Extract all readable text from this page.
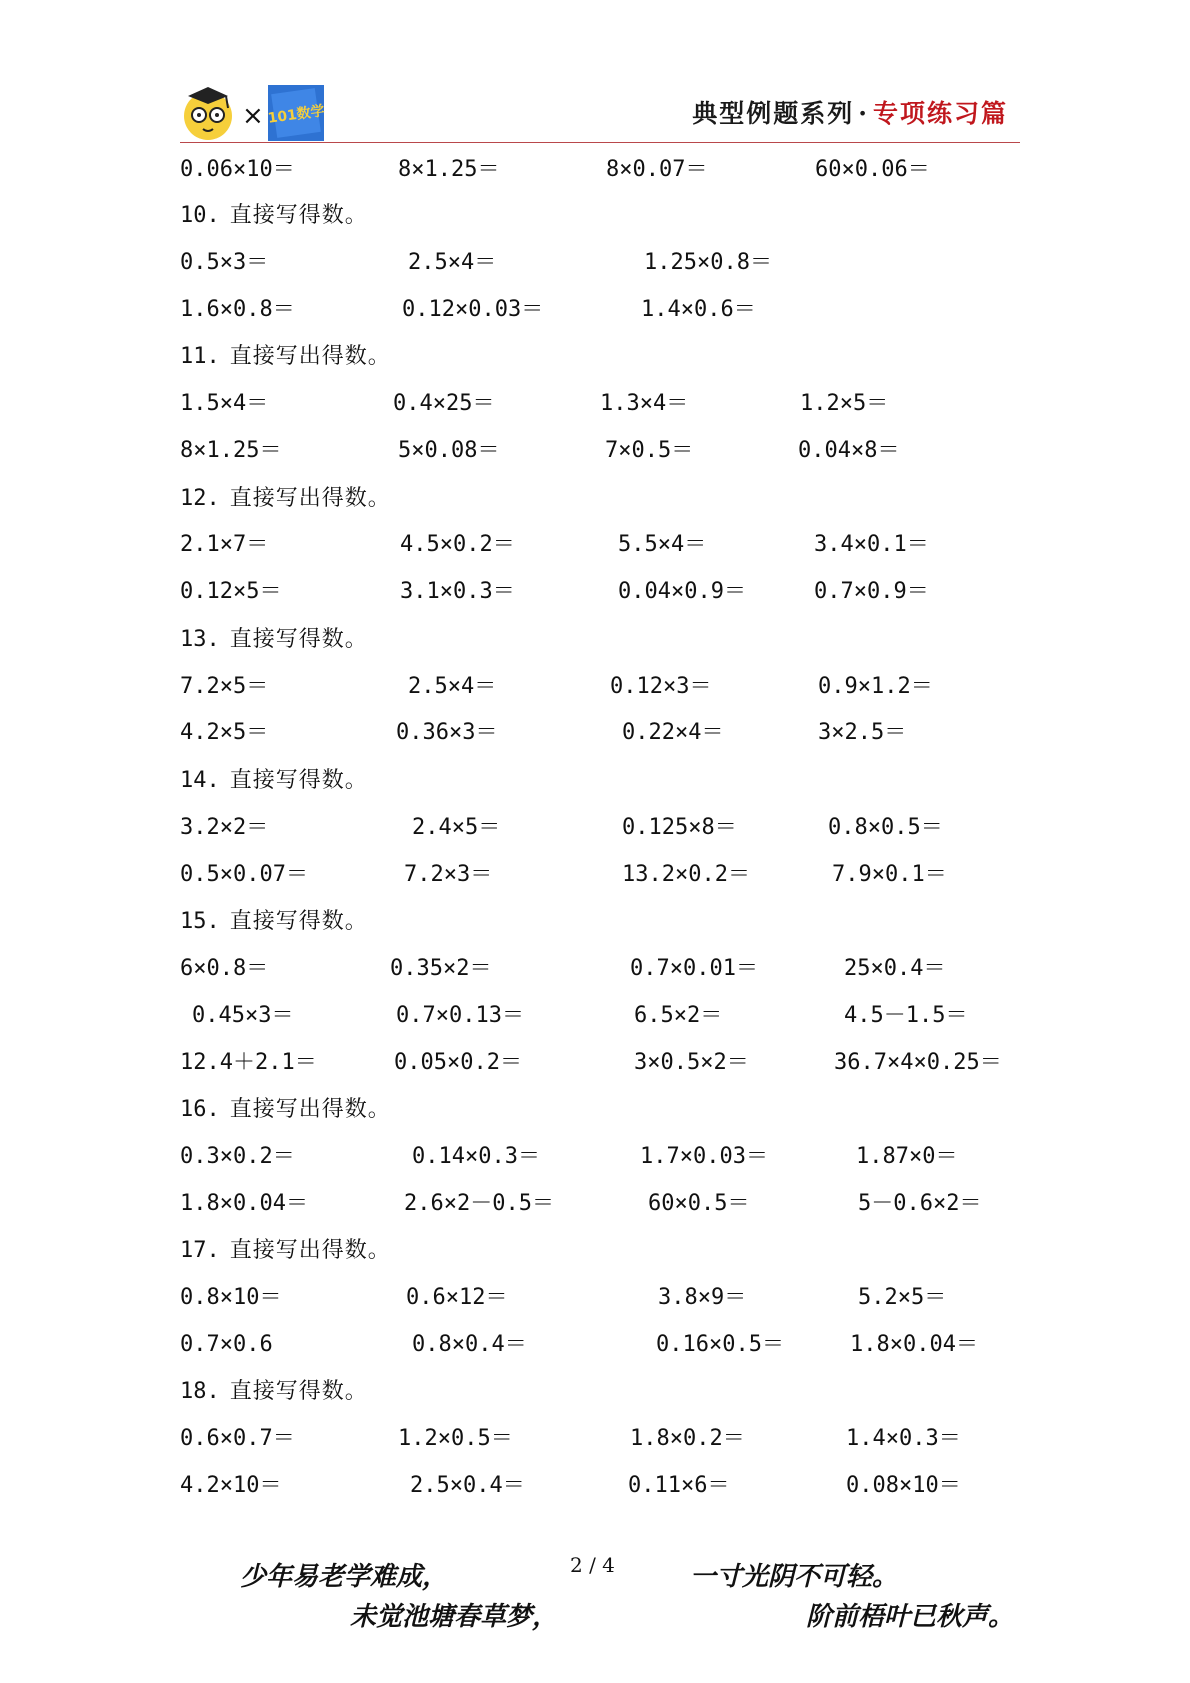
× 101数学	典型例题系列 · 专项练习篇
0.06×10＝	8×1.25＝	8×0.07＝	60×0.06＝
10. 直接写得数。
0.5×3＝	2.5×4＝	1.25×0.8＝
1.6×0.8＝	0.12×0.03＝	1.4×0.6＝
11. 直接写出得数。
1.5×4＝	0.4×25＝	1.3×4＝	1.2×5＝
8×1.25＝	5×0.08＝	7×0.5＝	0.04×8＝
12. 直接写出得数。
2.1×7＝	4.5×0.2＝	5.5×4＝	3.4×0.1＝
0.12×5＝	3.1×0.3＝	0.04×0.9＝	0.7×0.9＝
13. 直接写得数。
7.2×5＝	2.5×4＝	0.12×3＝	0.9×1.2＝
4.2×5＝	0.36×3＝	0.22×4＝	3×2.5＝
14. 直接写得数。
3.2×2＝	2.4×5＝	0.125×8＝	0.8×0.5＝
0.5×0.07＝	7.2×3＝	13.2×0.2＝	7.9×0.1＝
15. 直接写得数。
6×0.8＝	0.35×2＝	0.7×0.01＝	25×0.4＝
0.45×3＝	0.7×0.13＝	6.5×2＝	4.5－1.5＝
12.4＋2.1＝	0.05×0.2＝	3×0.5×2＝	36.7×4×0.25＝
16. 直接写出得数。
0.3×0.2＝	0.14×0.3＝	1.7×0.03＝	1.87×0＝
1.8×0.04＝	2.6×2－0.5＝	60×0.5＝	5－0.6×2＝
17. 直接写出得数。
0.8×10＝	0.6×12＝	3.8×9＝	5.2×5＝
0.7×0.6	0.8×0.4＝	0.16×0.5＝	1.8×0.04＝
18. 直接写得数。
0.6×0.7＝	1.2×0.5＝	1.8×0.2＝	1.4×0.3＝
4.2×10＝	2.5×0.4＝	0.11×6＝	0.08×10＝
少年易老学难成，	2 / 4	一寸光阴不可轻。
未觉池塘春草梦，	阶前梧叶已秋声。
